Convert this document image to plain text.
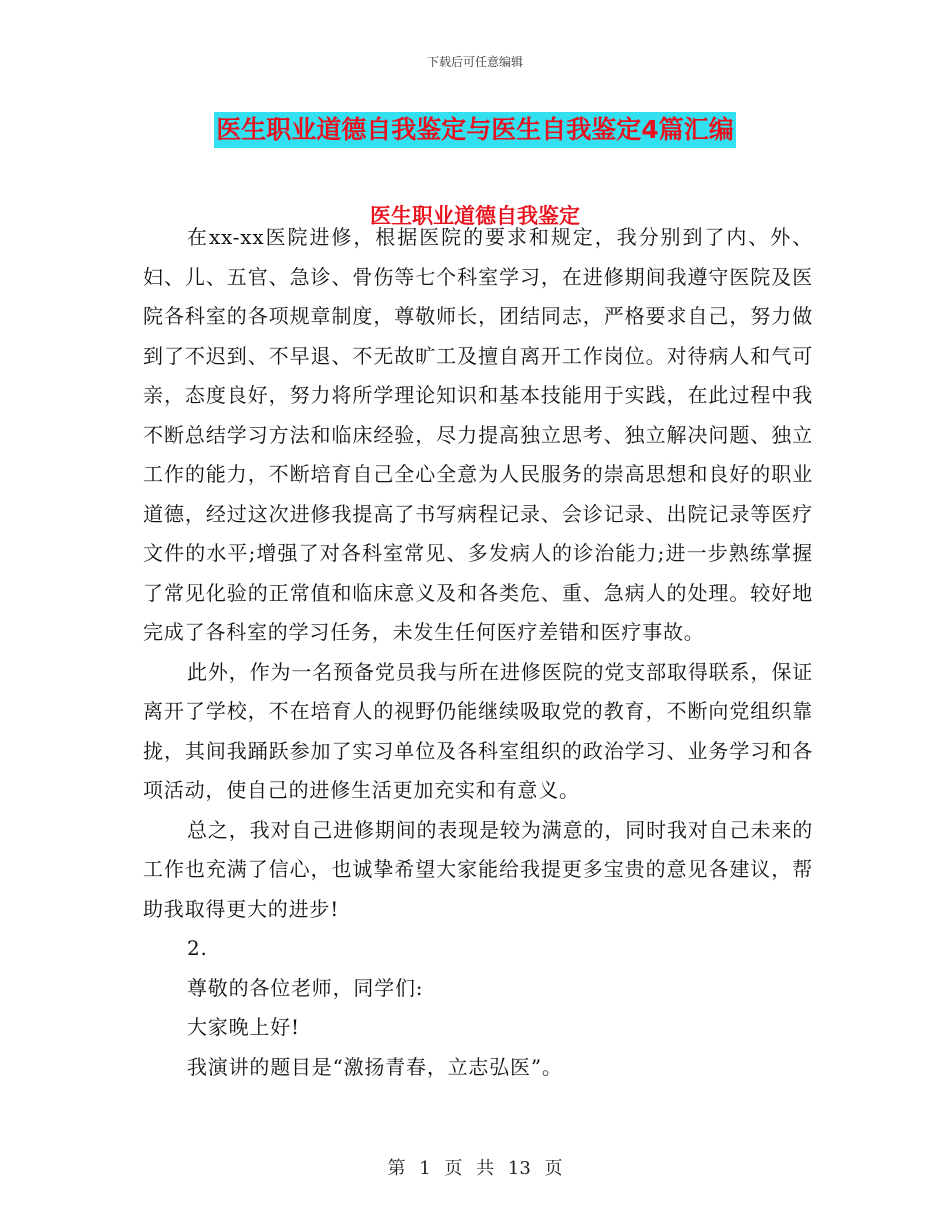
下载后可任意编辑
医生职业道德自我鉴定与医生自我鉴定4篇汇编
医生职业道德自我鉴定

在xx-xx医院进修，根据医院的要求和规定，我分别到了内、外、妇、儿、五官、急诊、骨伤等七个科室学习，在进修期间我遵守医院及医院各科室的各项规章制度，尊敬师长，团结同志，严格要求自己，努力做到了不迟到、不早退、不无故旷工及擅自离开工作岗位。对待病人和气可亲，态度良好，努力将所学理论知识和基本技能用于实践，在此过程中我不断总结学习方法和临床经验，尽力提高独立思考、独立解决问题、独立工作的能力，不断培育自己全心全意为人民服务的崇高思想和良好的职业道德，经过这次进修我提高了书写病程记录、会诊记录、出院记录等医疗文件的水平;增强了对各科室常见、多发病人的诊治能力;进一步熟练掌握了常见化验的正常值和临床意义及和各类危、重、急病人的处理。较好地完成了各科室的学习任务，未发生任何医疗差错和医疗事故。

此外，作为一名预备党员我与所在进修医院的党支部取得联系，保证离开了学校，不在培育人的视野仍能继续吸取党的教育，不断向党组织靠拢，其间我踊跃参加了实习单位及各科室组织的政治学习、业务学习和各项活动，使自己的进修生活更加充实和有意义。

总之，我对自己进修期间的表现是较为满意的，同时我对自己未来的工作也充满了信心，也诚挚希望大家能给我提更多宝贵的意见各建议，帮助我取得更大的进步!

2.

尊敬的各位老师，同学们:

大家晚上好!

我演讲的题目是“激扬青春，立志弘医”。

第 1 页 共 13 页
